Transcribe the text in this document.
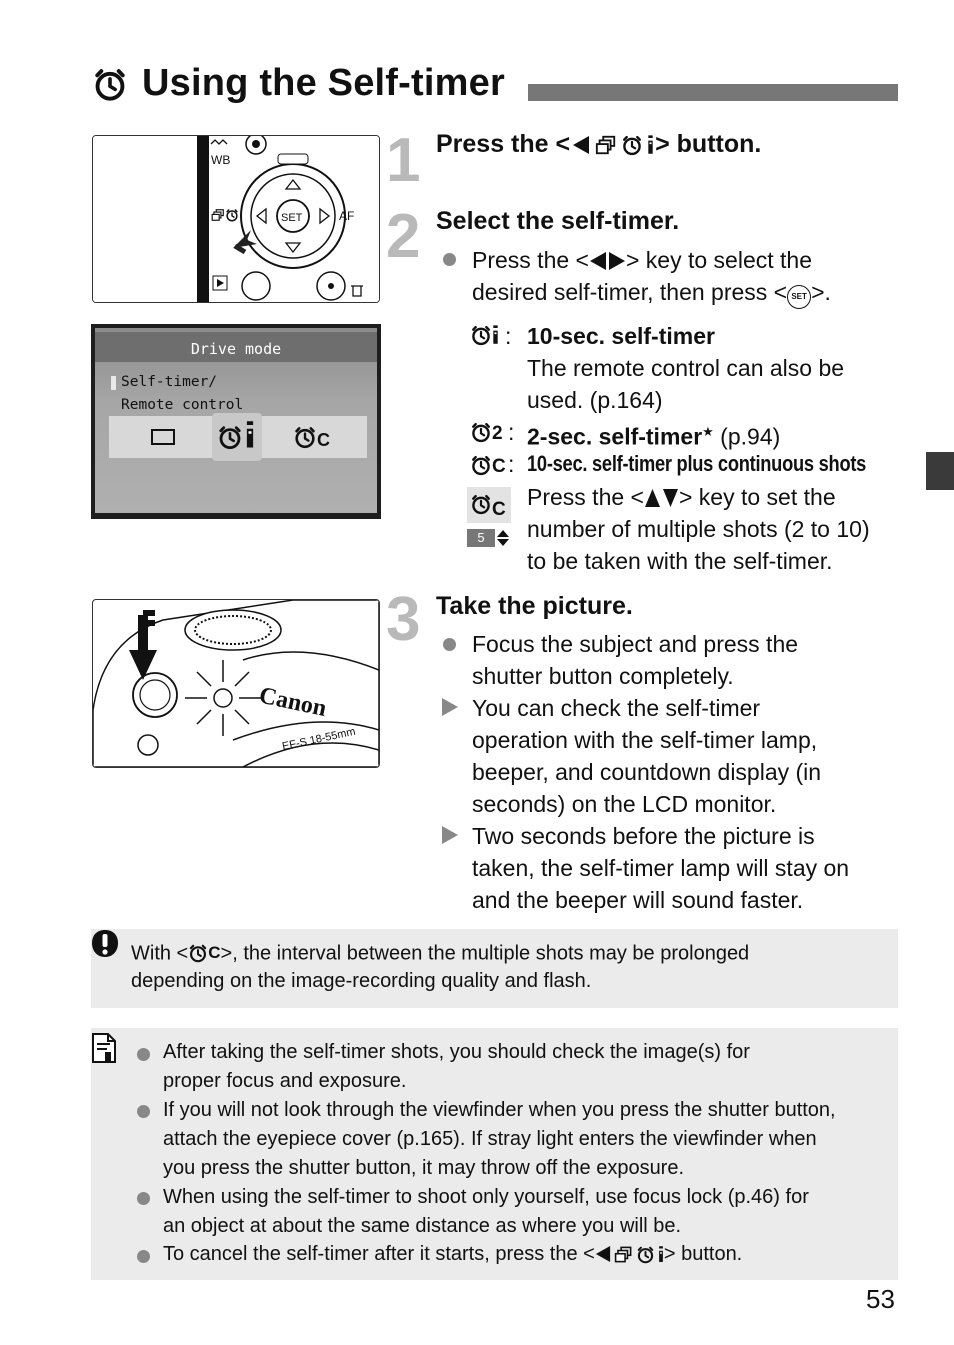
Using the Self-timer
WB
SET	AF
Drive mode
Self-timer/
Remote control
C
Canon
EF-S 18-55mm
1
2
3
Press the <	> button.
Select the self-timer.
Press the < > key to select the
desired self-timer, then press < SET >.
: 10-sec. self-timer
The remote control can also be
used. (p.164)
2 : 2-sec. self-timer★ (p.94)
C : 10-sec. self-timer plus continuous shots
C
5
Press the < > key to set the
number of multiple shots (2 to 10)
to be taken with the self-timer.
Take the picture.
Focus the subject and press the
shutter button completely.
You can check the self-timer
operation with the self-timer lamp,
beeper, and countdown display (in
seconds) on the LCD monitor.
Two seconds before the picture is
taken, the self-timer lamp will stay on
and the beeper will sound faster.
With < C >, the interval between the multiple shots may be prolonged
depending on the image-recording quality and flash.
After taking the self-timer shots, you should check the image(s) for
proper focus and exposure.
If you will not look through the viewfinder when you press the shutter button,
attach the eyepiece cover (p.165). If stray light enters the viewfinder when
you press the shutter button, it may throw off the exposure.
When using the self-timer to shoot only yourself, use focus lock (p.46) for
an object at about the same distance as where you will be.
To cancel the self-timer after it starts, press the <	> button.
53
